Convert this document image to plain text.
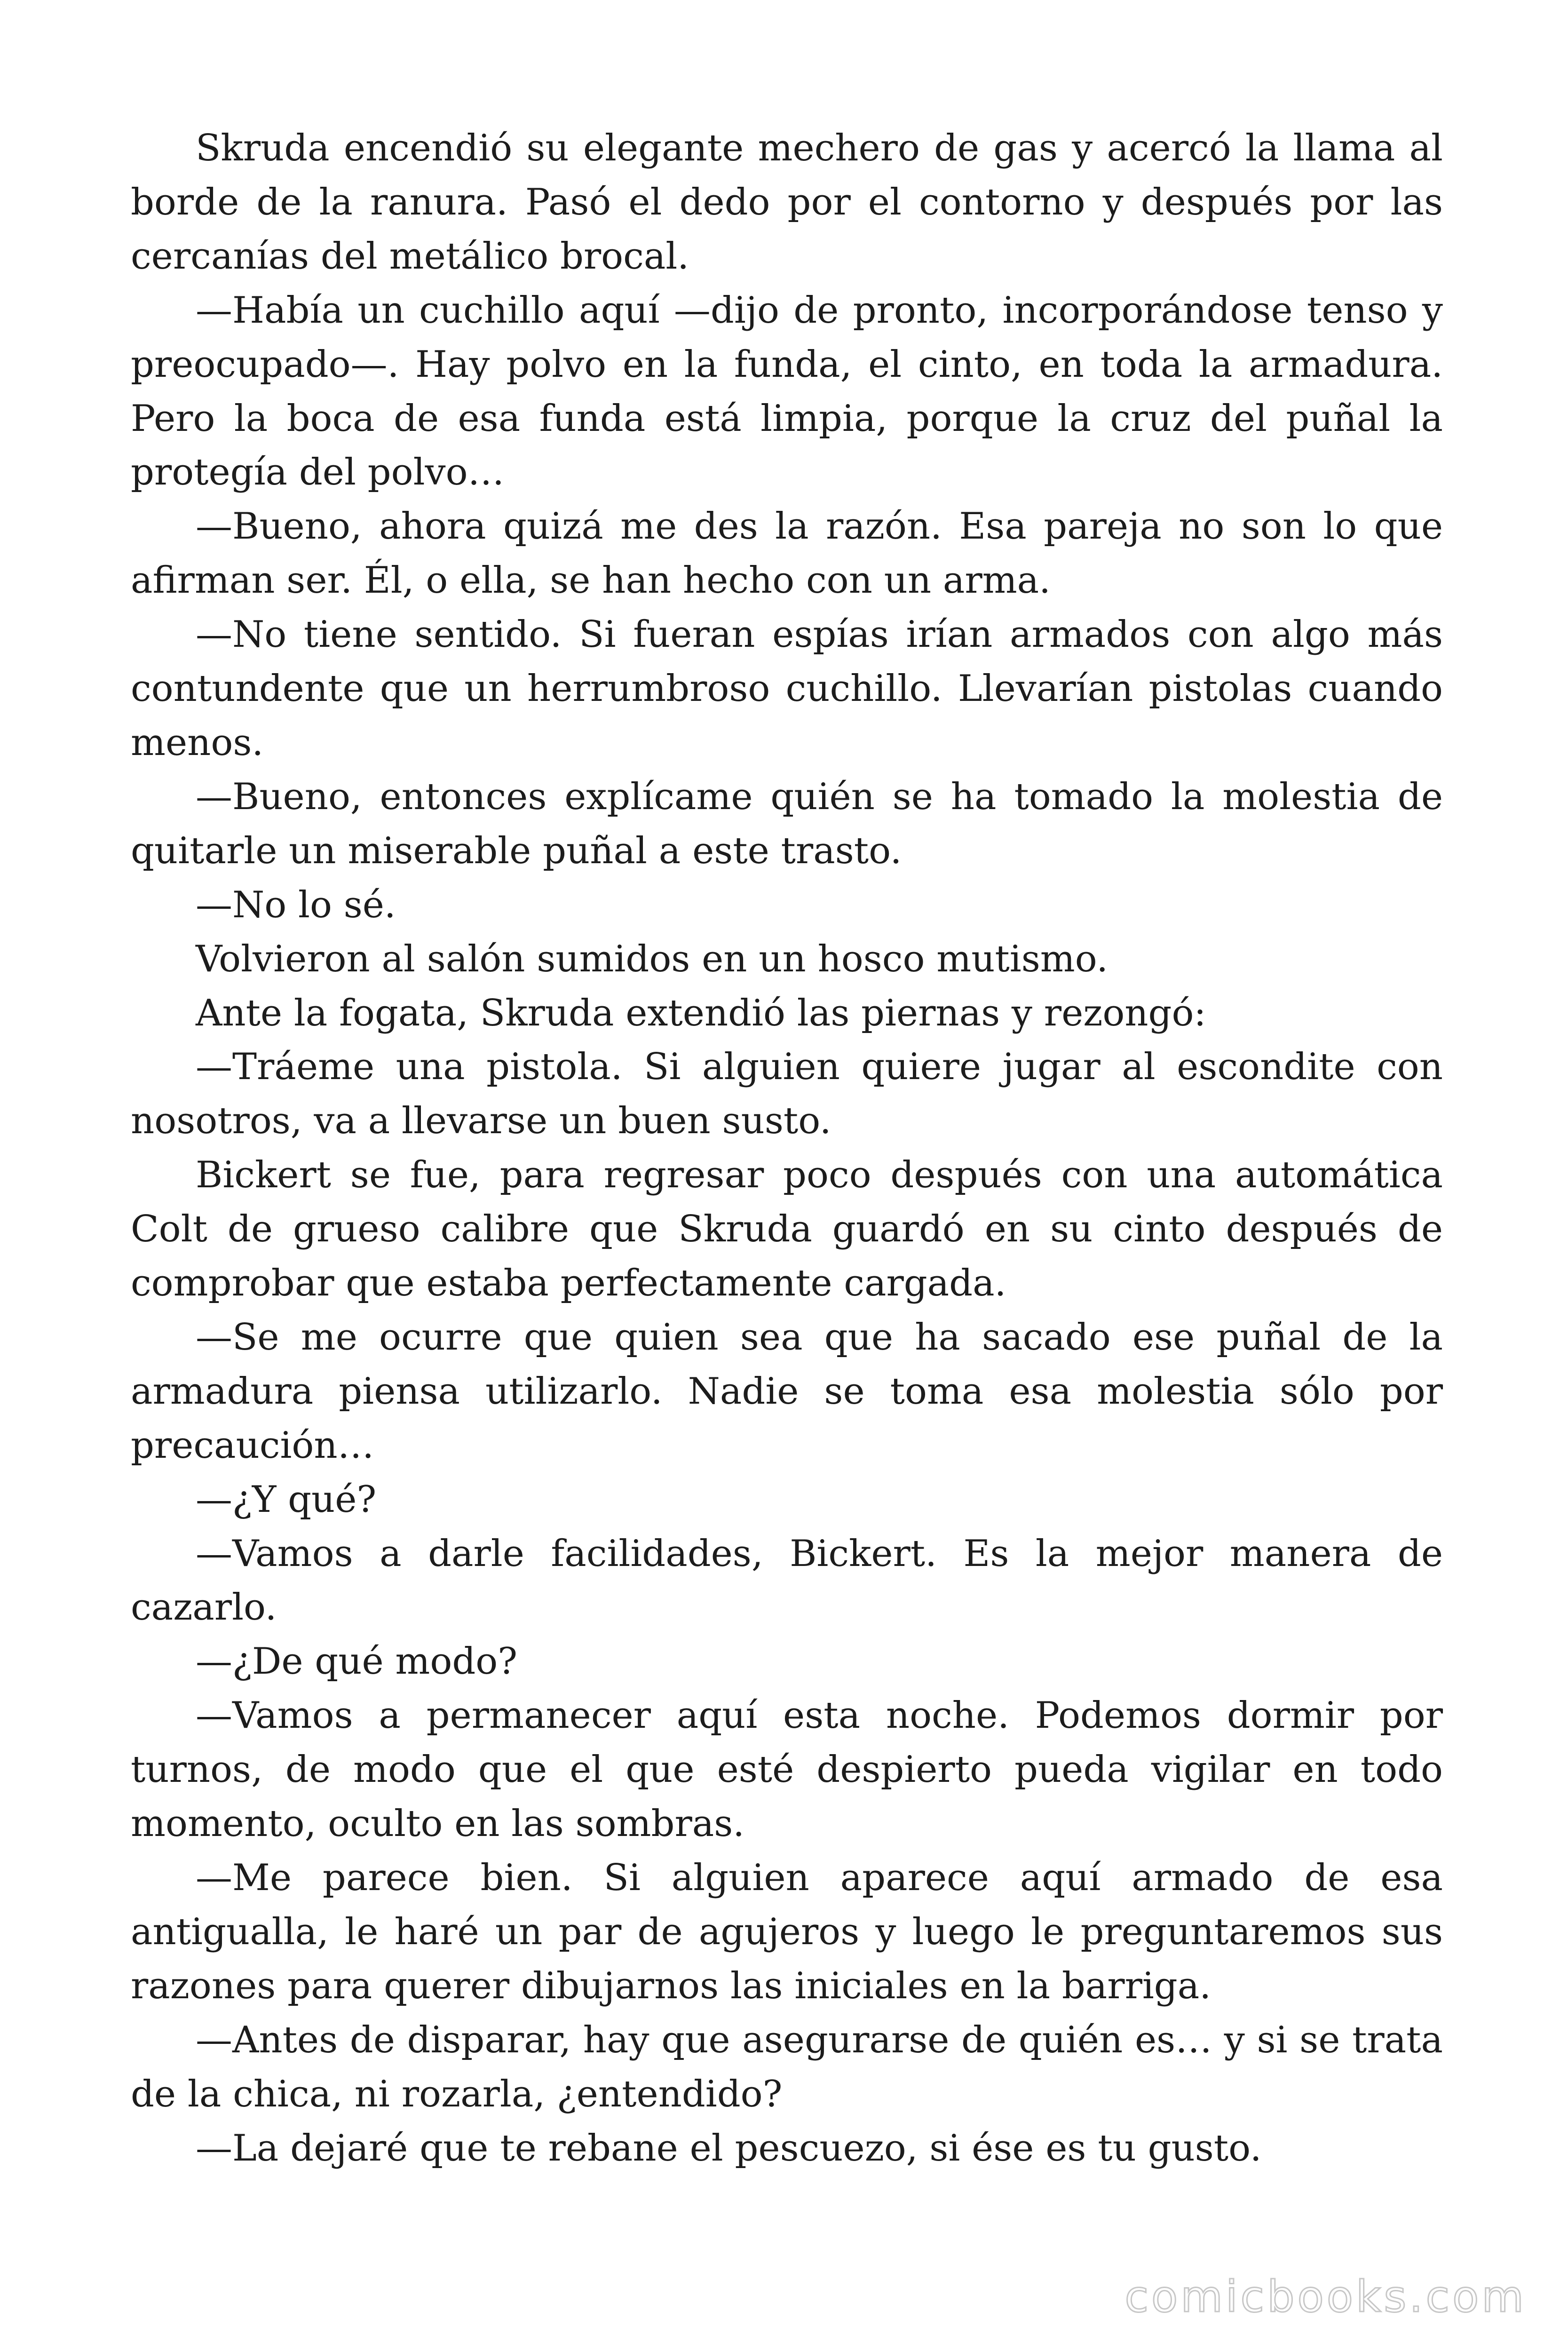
Skruda encendió su elegante mechero de gas y acercó la llama al borde de la ranura. Pasó el dedo por el contorno y después por las cercanías del metálico brocal.

—Había un cuchillo aquí —dijo de pronto, incorporándose tenso y preocupado—. Hay polvo en la funda, el cinto, en toda la armadura. Pero la boca de esa funda está limpia, porque la cruz del puñal la protegía del polvo…

—Bueno, ahora quizá me des la razón. Esa pareja no son lo que afirman ser. Él, o ella, se han hecho con un arma.

—No tiene sentido. Si fueran espías irían armados con algo más contundente que un herrumbroso cuchillo. Llevarían pistolas cuando menos.

—Bueno, entonces explícame quién se ha tomado la molestia de quitarle un miserable puñal a este trasto.

—No lo sé.

Volvieron al salón sumidos en un hosco mutismo.

Ante la fogata, Skruda extendió las piernas y rezongó:

—Tráeme una pistola. Si alguien quiere jugar al escondite con nosotros, va a llevarse un buen susto.

Bickert se fue, para regresar poco después con una automática Colt de grueso calibre que Skruda guardó en su cinto después de comprobar que estaba perfectamente cargada.

—Se me ocurre que quien sea que ha sacado ese puñal de la armadura piensa utilizarlo. Nadie se toma esa molestia sólo por precaución…

—¿Y qué?

—Vamos a darle facilidades, Bickert. Es la mejor manera de cazarlo.

—¿De qué modo?

—Vamos a permanecer aquí esta noche. Podemos dormir por turnos, de modo que el que esté despierto pueda vigilar en todo momento, oculto en las sombras.

—Me parece bien. Si alguien aparece aquí armado de esa antigualla, le haré un par de agujeros y luego le preguntaremos sus razones para querer dibujarnos las iniciales en la barriga.

—Antes de disparar, hay que asegurarse de quién es… y si se trata de la chica, ni rozarla, ¿entendido?

—La dejaré que te rebane el pescuezo, si ése es tu gusto.

comicbooks.com
